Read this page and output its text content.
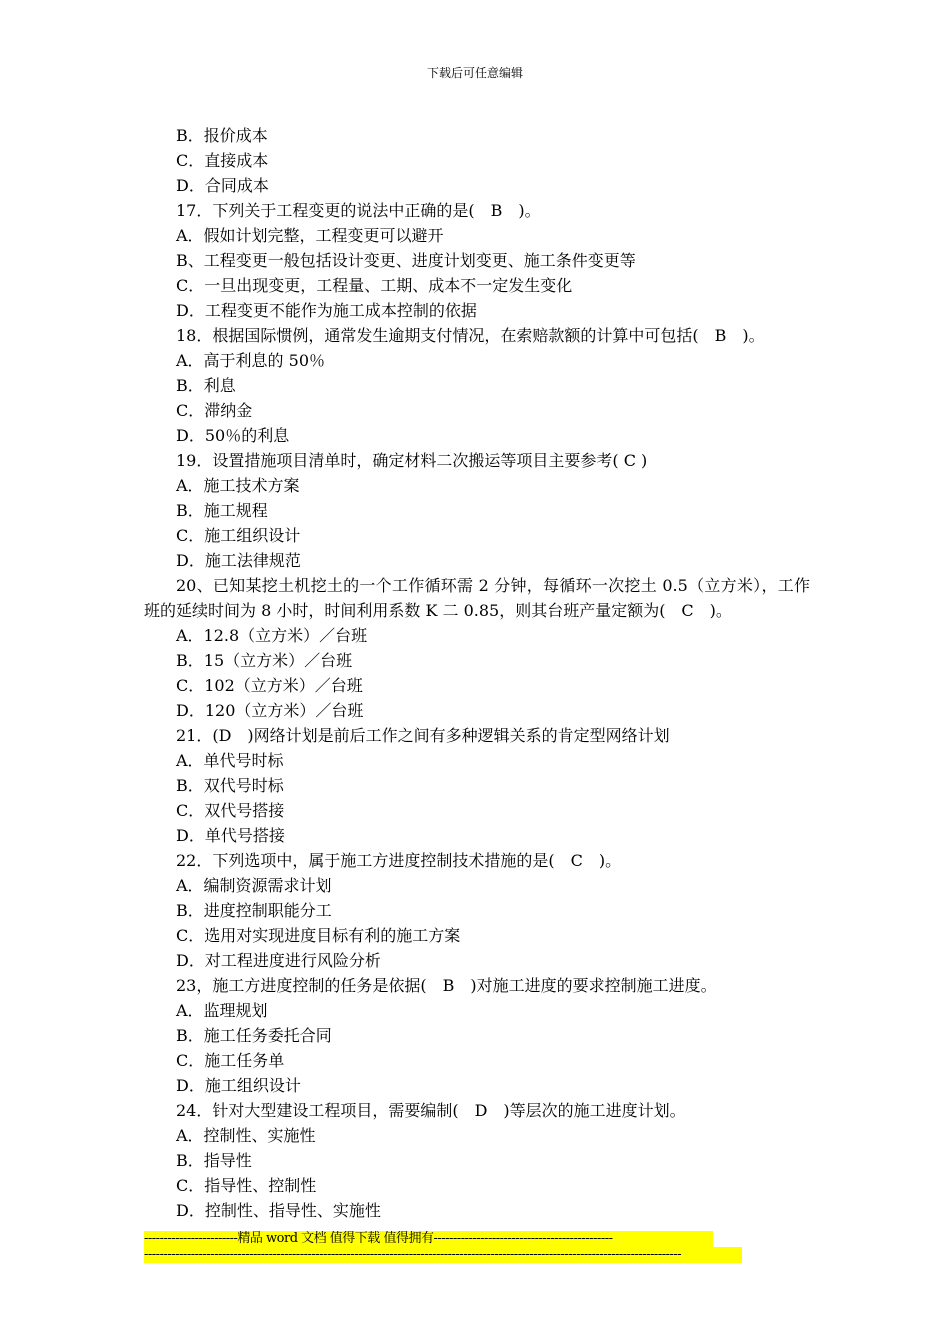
下载后可任意编辑
B．报价成本
C．直接成本
D．合同成本
17．下列关于工程变更的说法中正确的是(　B　)。
A．假如计划完整，工程变更可以避开
B、工程变更一般包括设计变更、进度计划变更、施工条件变更等
C．一旦出现变更，工程量、工期、成本不一定发生变化
D．工程变更不能作为施工成本控制的依据
18．根据国际惯例，通常发生逾期支付情况，在索赔款额的计算中可包括(　B　)。
A．高于利息的 50％
B．利息
C．滞纳金
D．50％的利息
19．设置措施项目清单时，确定材料二次搬运等项目主要参考( C )
A．施工技术方案
B．施工规程
C．施工组织设计
D．施工法律规范
20、已知某挖土机挖土的一个工作循环需 2 分钟，每循环一次挖土 0.5（立方米），工作班的延续时间为 8 小时，时间利用系数 K 二 0.85，则其台班产量定额为(　C　)。
A．12.8（立方米）／台班
B．15（立方米）／台班
C．102（立方米）／台班
D．120（立方米）／台班
21．(D　)网络计划是前后工作之间有多种逻辑关系的肯定型网络计划
A．单代号时标
B．双代号时标
C．双代号搭接
D．单代号搭接
22．下列选项中，属于施工方进度控制技术措施的是(　C　)。
A．编制资源需求计划
B．进度控制职能分工
C．选用对实现进度目标有利的施工方案
D．对工程进度进行风险分析
23，施工方进度控制的任务是依据(　B　)对施工进度的要求控制施工进度。
A．监理规划
B．施工任务委托合同
C．施工任务单
D．施工组织设计
24．针对大型建设工程项目，需要编制(　D　)等层次的施工进度计划。
A．控制性、实施性
B．指导性
C．指导性、控制性
D．控制性、指导性、实施性
------------------------精品 word 文档 值得下载 值得拥有----------------------------------------------
------------------------------------------------------------------------------------------------------------------------------------------
